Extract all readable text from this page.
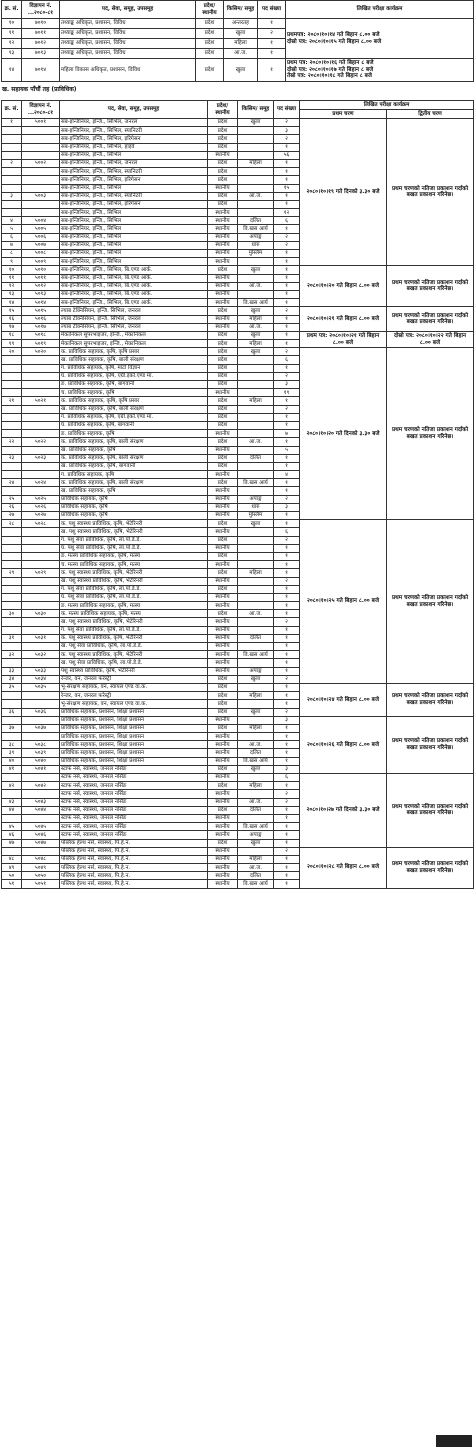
क्र. सं.	विज्ञापन नं. ...२०८०-८१	पद, सेवा, समूह, उपसमूह	प्रदेश/ स्थानीय	किसिम/ समूह	पद संख्या	लिखित परीक्षा कार्यक्रम
१०	७०१०	तथ्याङ्क अधिकृत, प्रशासन, विविध	प्रदेश	अन्तरतह	१	प्रथमपत्र: २०८०।१०।१४ गते बिहान ८.०० बजे
दोस्रो पत्र: २०८०।१०।१५ गते बिहान ८.०० बजे

११	७०११	तथ्याङ्क अधिकृत, प्रशासन, विविध	प्रदेश	खुला	२	
१२	७०१२	तथ्याङ्क अधिकृत, प्रशासन, विविध	प्रदेश	महिला	१	
१३	७०१३	तथ्याङ्क अधिकृत, प्रशासन, विविध	प्रदेश	आ.ज.	१	
१४	७०१४	महिला विकास अधिकृत, प्रशासन, विविध	प्रदेश	खुला	१	प्रथम पत्र: २०८०।१०।१६ गते बिहान ८ बजे
दोस्रो पत्र: २०८०।१०।१७ गते बिहान ८ बजे
तेस्रो पत्र: २०८०।१०।१८ गते बिहान ८ बजे
ख. सहायक पाँचौं तह (प्राविधिक)
क्र. सं.	विज्ञापन नं. ...२०८०-८१	पद, सेवा, समूह, उपसमूह	प्रदेश/ स्थानीय	किसिम/ समूह	पद संख्या	लिखित परीक्षा कार्यक्रम	
						प्रथम चरण	द्वितीय चरण
१	५००१	सब-इन्जिनियर, इन्जि., सिभिल, जनरल	प्रदेश	खुला	२	२०८०।१०।१९ गते दिनको ३.३० बजे	प्रथम चरणको नतिजा प्रकाशन गर्दाको बखत प्रकाशन गरिनेछ।
		सब-इन्जिनियर, इन्जि., सिभिल, स्यानिटरी	प्रदेश		३		
		सब-इन्जिनियर, इन्जि., सिभिल, इरिगेसन	प्रदेश		२		
		सब-इन्जिनियर, इन्जि., सिभिल, हाइवे	प्रदेश		१		
		सब-इन्जिनियर, इन्जि., सिभिल	स्थानीय		५६		
२	५००२	सब-इन्जिनियर, इन्जि., सिभिल, जनरल	प्रदेश	महिला	१		
		सब-इन्जिनियर, इन्जि., सिभिल, स्यानिटरी	प्रदेश		१		
		सब-इन्जिनियर, इन्जि., सिभिल, इरिगेसन	प्रदेश		१		
		सब-इन्जिनियर, इन्जि., सिभिल	स्थानीय		१५		
३	५००३	सब-इन्जिनियर, इन्जि., सिभिल, स्यानिटरी	प्रदेश	आ.ज.	१		
		सब-इन्जिनियर, इन्जि., सिभिल, इरिगेसन	प्रदेश		१		
		सब-इन्जिनियर, इन्जि., सिभिल	स्थानीय		१२		
४	५००४	सब-इन्जिनियर, इन्जि., सिभिल	स्थानीय	दलित	६		
५	५००५	सब-इन्जिनियर, इन्जि., सिभिल	स्थानीय	वि.खस आर्य	१		
६	५००६	सब-इन्जिनियर, इन्जि., सिभिल	स्थानीय	अपाङ्ग	२		
७	५००७	सब-इन्जिनियर, इन्जि., सिभिल	स्थानीय	धारु	२		
८	५००८	सब-इन्जिनियर, इन्जि., सिभिल	स्थानीय	मुस्लिम	१		
९	५००९	सब-इन्जिनियर, इन्जि., सिभिल	स्थानीय		१		
१०	५०१०	सब-इन्जिनियर, इन्जि., सिभिल, बि.एण्ड आर्क.	प्रदेश	खुला	१	२०८०।१०।२० गते बिहान ८.०० बजे	प्रथम चरणको नतिजा प्रकाशन गर्दाको बखत प्रकाशन गरिनेछ।
११	५०११	सब-इन्जिनियर, इन्जि., सिभिल, बि.एण्ड आर्क.	स्थानीय		१		
१२	५०१२	सब-इन्जिनियर, इन्जि., सिभिल, बि.एण्ड आर्क.	स्थानीय	आ.ज.	१		
१३	५०१३	सब-इन्जिनियर, इन्जि., सिभिल, बि.एण्ड आर्क.	स्थानीय		१		
१४	५०१४	सब-इन्जिनियर, इन्जि., सिभिल, बि.एण्ड आर्क.	स्थानीय	वि.खस आर्य	१		
१५	५०१५	ल्याब टेक्निसियन, इन्जि. सिभिल, जनरल	प्रदेश	खुला	२	२०८०।१०।२१ गते बिहान ८.०० बजे	प्रथम चरणको नतिजा प्रकाशन गर्दाको बखत प्रकाशन गरिनेछ।
१६	५०१६	ल्याब टेक्निसियन, इन्जि. सिभिल, जनरल	स्थानीय	महिला	१		
१७	५०१७	ल्याब टेक्निसियन, इन्जि. सिभिल, जनरल	स्थानीय	आ.ज.	१		
१८	५०१८	मेकानिकल सुपरभाइजर, इन्जि., मेकानिकल	प्रदेश	खुला	१	प्रथम पत्र: २०८०।१०।२१ गते बिहान ८.०० बजे	दोस्रो पत्र: २०८०।१०।२२ गते बिहान ८.०० बजे
१९	५०१९	मेकानिकल सुपरभाइजर, इन्जि., मेकानिकल	प्रदेश	महिला	१		
२०	५०२०	क. प्राविधिक सहायक, कृषि, कृषि प्रसार	प्रदेश	खुला	२	२०८०।१०।२० गते दिनको ३.३० बजे	प्रथम चरणको नतिजा प्रकाशन गर्दाको बखत प्रकाशन गरिनेछ।
		ख. प्राविधिक सहायक, कृषि, बाली संरक्षण	प्रदेश		६		
		ग. प्राविधिक सहायक, कृषि, माटो विज्ञान	प्रदेश		१		
		घ. प्राविधिक सहायक, कृषि, एग्री.इको.एण्ड मा.	प्रदेश		२		
		ङ. प्राविधिक सहायक, कृषि, बागवानी	प्रदेश		३		
		च. प्राविधिक सहायक, कृषि	स्थानीय		१९		
२१	५०२१	क. प्राविधिक सहायक, कृषि, कृषि प्रसार	प्रदेश	महिला	१		
		ख. प्राविधिक सहायक, कृषि, बाली संरक्षण	प्रदेश		२		
		ग. प्राविधिक सहायक, कृषि, एग्री.इको.एण्ड मा.	प्रदेश		१		
		घ. प्राविधिक सहायक, कृषि, बागवानी	प्रदेश		१		
		ङ. प्राविधिक सहायक, कृषि	स्थानीय		७		
२२	५०२२	क. प्राविधिक सहायक, कृषि, बाली संरक्षण	प्रदेश	आ.ज.	१		
		ख. प्राविधिक सहायक, कृषि	स्थानीय		५		
२३	५०२३	क. प्राविधिक सहायक, कृषि, बाली संरक्षण	प्रदेश	दलित	१		
		ख. प्राविधिक सहायक, कृषि, बागवानी	प्रदेश		१		
		ग. प्राविधिक सहायक, कृषि	स्थानीय		४		
२४	५०२४	क. प्राविधिक सहायक, कृषि, बाली संरक्षण	प्रदेश	वि.खस आर्य	१		
		ख. प्राविधिक सहायक, कृषि	स्थानीय		१		
२५	५०२५	प्राविधिक सहायक, कृषि	स्थानीय	अपाङ्ग	२		
२६	५०२६	प्राविधिक सहायक, कृषि	स्थानीय	धारु	३		
२७	५०२७	प्राविधिक सहायक, कृषि	स्थानीय	मुस्लिम	१		
२८	५०२८	क. पशु स्वास्थ्य प्राविधिक, कृषि, भेटेरिनरी	प्रदेश	खुला	१	२०८०।१०।२५ गते बिहान ८.०० बजे	प्रथम चरणको नतिजा प्रकाशन गर्दाको बखत प्रकाशन गरिनेछ।
		ख. पशु स्वास्थ्य प्राविधिक, कृषि, भेटेरिनरी	स्थानीय		६		
		ग. पशु सेवा प्राविधिक, कृषि, ला.पो.डे.डे.	प्रदेश		२		
		घ. पशु सेवा प्राविधिक, कृषि, ला.पो.डे.डे.	स्थानीय		१		
		ङ. मत्स्य प्राविधिक सहायक, कृषि, मत्स्य	प्रदेश		१		
		च. मत्स्य प्राविधिक सहायक, कृषि, मत्स्य	स्थानीय		१		
२९	५०२९	क. पशु स्वास्थ्य प्राविधिक, कृषि, भेटेरिनरी	प्रदेश	महिला	१		
		ख. पशु स्वास्थ्य प्राविधिक, कृषि, भेटेरिनरी	स्थानीय		२		
		ग. पशु सेवा प्राविधिक, कृषि, ला.पो.डे.डे.	प्रदेश		१		
		घ. पशु सेवा प्राविधिक, कृषि, ला.पो.डे.डे.	स्थानीय		१		
		ङ. मत्स्य प्राविधिक सहायक, कृषि, मत्स्य	स्थानीय		१		
३०	५०३०	क. मत्स्य प्राविधिक सहायक, कृषि, मत्स्य	प्रदेश	आ.ज.	१		
		ख. पशु स्वास्थ्य प्राविधिक, कृषि, भेटेरिनरी	स्थानीय		२		
		ग. पशु सेवा प्राविधिक, कृषि, ला.पो.डे.डे.	स्थानीय		१		
३१	५०३१	क. पशु स्वास्थ्य प्राविधिक, कृषि, भेटेरिनरी	स्थानीय	दलित	१		
		ख. पशु सेवा प्राविधिक, कृषि, ला.पो.डे.डे.	स्थानीय		१		
३२	५०३२	क. पशु स्वास्थ्य प्राविधिक, कृषि, भेटेरिनरी	स्थानीय	वि.खस आर्य	१		
		ख. पशु सेवा प्राविधिक, कृषि, ला.पो.डे.डे.	स्थानीय		१		
३३	५०३३	पशु स्वास्थ्य प्राविधिक, कृषि, भेटेरिनरी	स्थानीय	अपाङ्ग	१		
३४	५०३४	रेन्जर, वन, जनरल फरेस्ट्री	प्रदेश	खुला	२		
३५	५०३५	भू-संरक्षण सहायक, वन, स्वायल एण्ड वा.क.	प्रदेश		१	२०८०।१०।२४ गते बिहान ८.०० बजे	प्रथम चरणको नतिजा प्रकाशन गर्दाको बखत प्रकाशन गरिनेछ।
		रेन्जर, वन, जनरल फरेस्ट्री	प्रदेश	महिला	१		
		भू-संरक्षण सहायक, वन, स्वायल एण्ड वा.क.	प्रदेश		१		
३६	५०३६	प्राविधिक सहायक, प्रशासन, शिक्षा प्रशासन	प्रदेश	खुला	२		
		प्राविधिक सहायक, प्रशासन, शिक्षा प्रशासन	स्थानीय		३	२०८०।१०।२६ गते बिहान ८.०० बजे	प्रथम चरणको नतिजा प्रकाशन गर्दाको बखत प्रकाशन गरिनेछ।
३७	५०३७	प्राविधिक सहायक, प्रशासन, शिक्षा प्रशासन	प्रदेश	महिला	१		
		प्राविधिक सहायक, प्रशासन, शिक्षा प्रशासन	स्थानीय		१		
३८	५०३८	प्राविधिक सहायक, प्रशासन, शिक्षा प्रशासन	स्थानीय	आ.ज.	१		
३९	५०३९	प्राविधिक सहायक, प्रशासन, शिक्षा प्रशासन	स्थानीय	दलित	१		
४०	५०४०	प्राविधिक सहायक, प्रशासन, शिक्षा प्रशासन	स्थानीय	वि.खस आर्य	१		
४१	५०४१	स्टाफ नर्स, स्वास्थ्य, जनरल नर्सिङ	प्रदेश	खुला	३		
		स्टाफ नर्स, स्वास्थ्य, जनरल नर्सिङ	स्थानीय		६	२०८०।१०।२७ गते दिनको ३.३० बजे	प्रथम चरणको नतिजा प्रकाशन गर्दाको बखत प्रकाशन गरिनेछ।
४२	५०४२	स्टाफ नर्स, स्वास्थ्य, जनरल नर्सिङ	प्रदेश	महिला	१		
		स्टाफ नर्स, स्वास्थ्य, जनरल नर्सिङ	स्थानीय		२		
४३	५०४३	स्टाफ नर्स, स्वास्थ्य, जनरल नर्सिङ	स्थानीय	आ.ज.	२		
४४	५०४४	स्टाफ नर्स, स्वास्थ्य, जनरल नर्सिङ	प्रदेश	दलित	१		
		स्टाफ नर्स, स्वास्थ्य, जनरल नर्सिङ	स्थानीय		१		
४५	५०४५	स्टाफ नर्स, स्वास्थ्य, जनरल नर्सिङ	स्थानीय	वि.खस आर्य	१		
४६	५०४६	स्टाफ नर्स, स्वास्थ्य, जनरल नर्सिङ	स्थानीय	अपाङ्ग	१		
४७	५०४७	पब्लिक हेल्थ नर्स, स्वास्थ्य, पि.हे.न.	प्रदेश	खुला	१		
		पब्लिक हेल्थ नर्स, स्वास्थ्य, पि.हे.न.	स्थानीय		२	२०८०।१०।२८ गते बिहान ८.०० बजे	प्रथम चरणको नतिजा प्रकाशन गर्दाको बखत प्रकाशन गरिनेछ।
४८	५०४८	पब्लिक हेल्थ नर्स, स्वास्थ्य, पि.हे.न.	स्थानीय	महिला	१		
४९	५०४९	पब्लिक हेल्थ नर्स, स्वास्थ्य, पि.हे.न.	स्थानीय	आ.ज.	१		
५०	५०५०	पब्लिक हेल्थ नर्स, स्वास्थ्य, पि.हे.न.	स्थानीय	दलित	१		
५१	५०५१	पब्लिक हेल्थ नर्स, स्वास्थ्य, पि.हे.न.	स्थानीय	वि.खस आर्य	१		
